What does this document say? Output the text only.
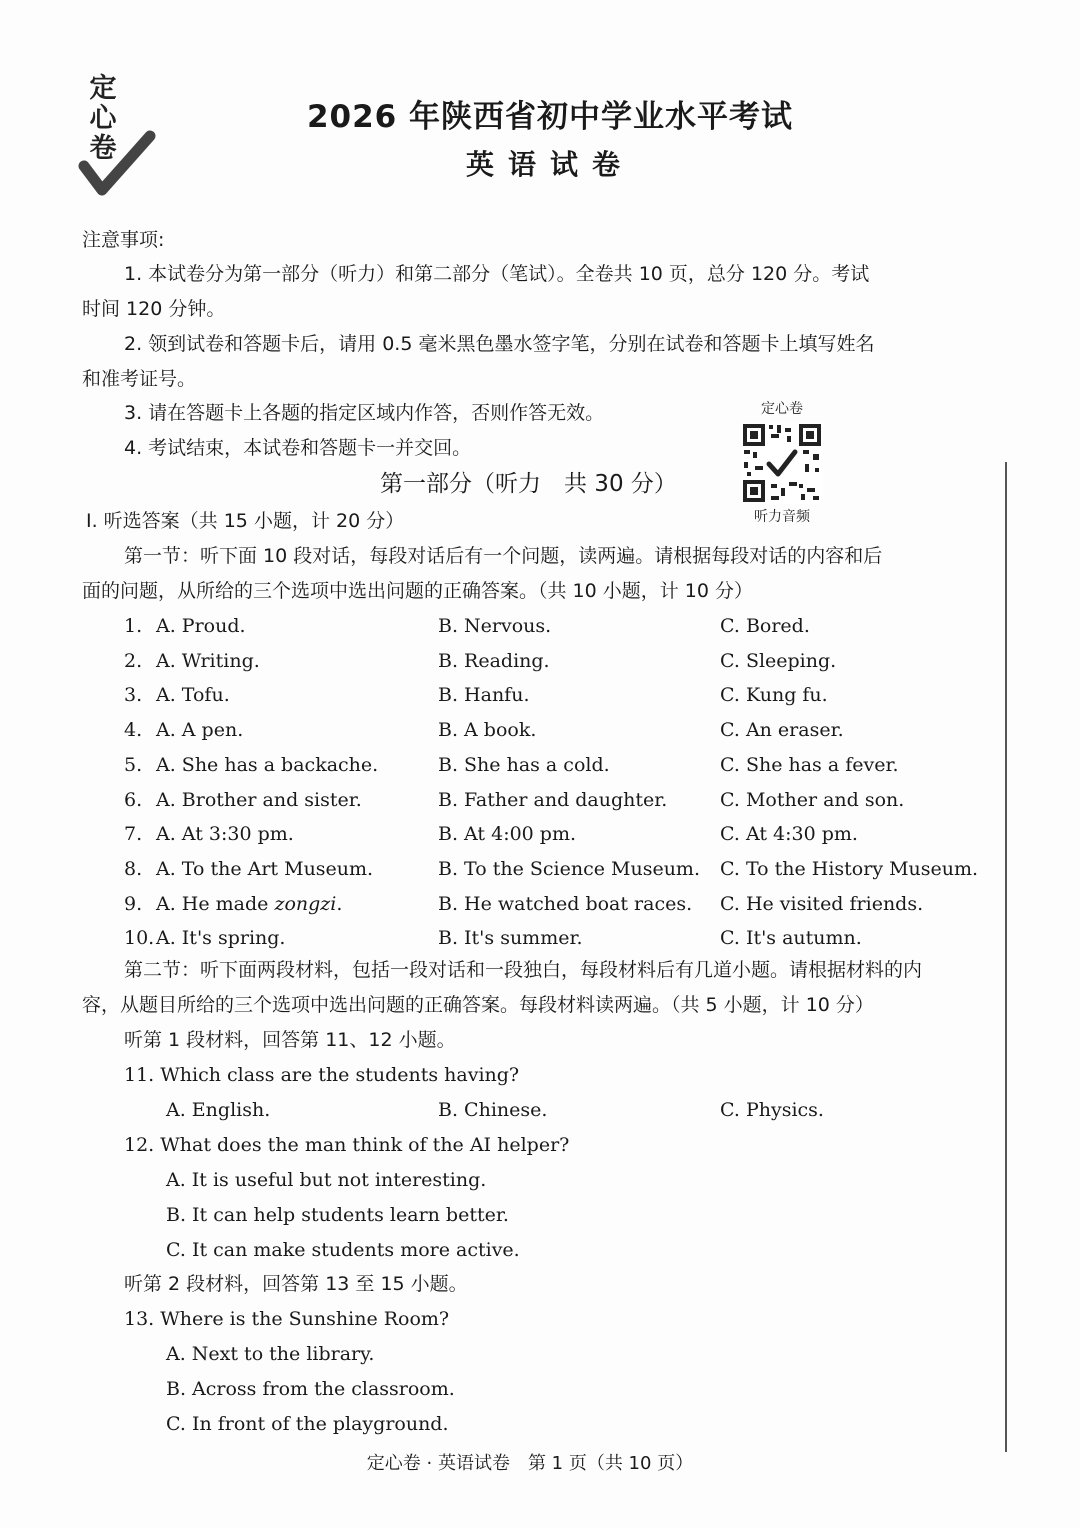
定心卷
2026 年陕西省初中学业水平考试
英语试卷
注意事项:
1. 本试卷分为第一部分（听力）和第二部分（笔试）。全卷共 10 页，总分 120 分。考试
时间 120 分钟。
2. 领到试卷和答题卡后，请用 0.5 毫米黑色墨水签字笔，分别在试卷和答题卡上填写姓名
和准考证号。
3. 请在答题卡上各题的指定区域内作答，否则作答无效。
4. 考试结束，本试卷和答题卡一并交回。
定心卷
听力音频
第一部分（听力　共 30 分）
Ⅰ. 听选答案（共 15 小题，计 20 分）
第一节：听下面 10 段对话，每段对话后有一个问题，读两遍。请根据每段对话的内容和后
面的问题，从所给的三个选项中选出问题的正确答案。（共 10 小题，计 10 分）
1. A. Proud.	B. Nervous.	C. Bored.
2. A. Writing.	B. Reading.	C. Sleeping.
3. A. Tofu.	B. Hanfu.	C. Kung fu.
4. A. A pen.	B. A book.	C. An eraser.
5. A. She has a backache.	B. She has a cold.	C. She has a fever.
6. A. Brother and sister.	B. Father and daughter.	C. Mother and son.
7. A. At 3:30 pm.	B. At 4:00 pm.	C. At 4:30 pm.
8. A. To the Art Museum.	B. To the Science Museum. C. To the History Museum.
9. A. He made zongzi.	B. He watched boat races. C. He visited friends.
10. A. It's spring.	B. It's summer.	C. It's autumn.
第二节：听下面两段材料，包括一段对话和一段独白，每段材料后有几道小题。请根据材料的内
容，从题目所给的三个选项中选出问题的正确答案。每段材料读两遍。（共 5 小题，计 10 分）
听第 1 段材料，回答第 11、12 小题。
11. Which class are the students having?
A. English.	B. Chinese.	C. Physics.
12. What does the man think of the AI helper?
A. It is useful but not interesting.
B. It can help students learn better.
C. It can make students more active.
听第 2 段材料，回答第 13 至 15 小题。
13. Where is the Sunshine Room?
A. Next to the library.
B. Across from the classroom.
C. In front of the playground.
定心卷 · 英语试卷　第 1 页（共 10 页）
